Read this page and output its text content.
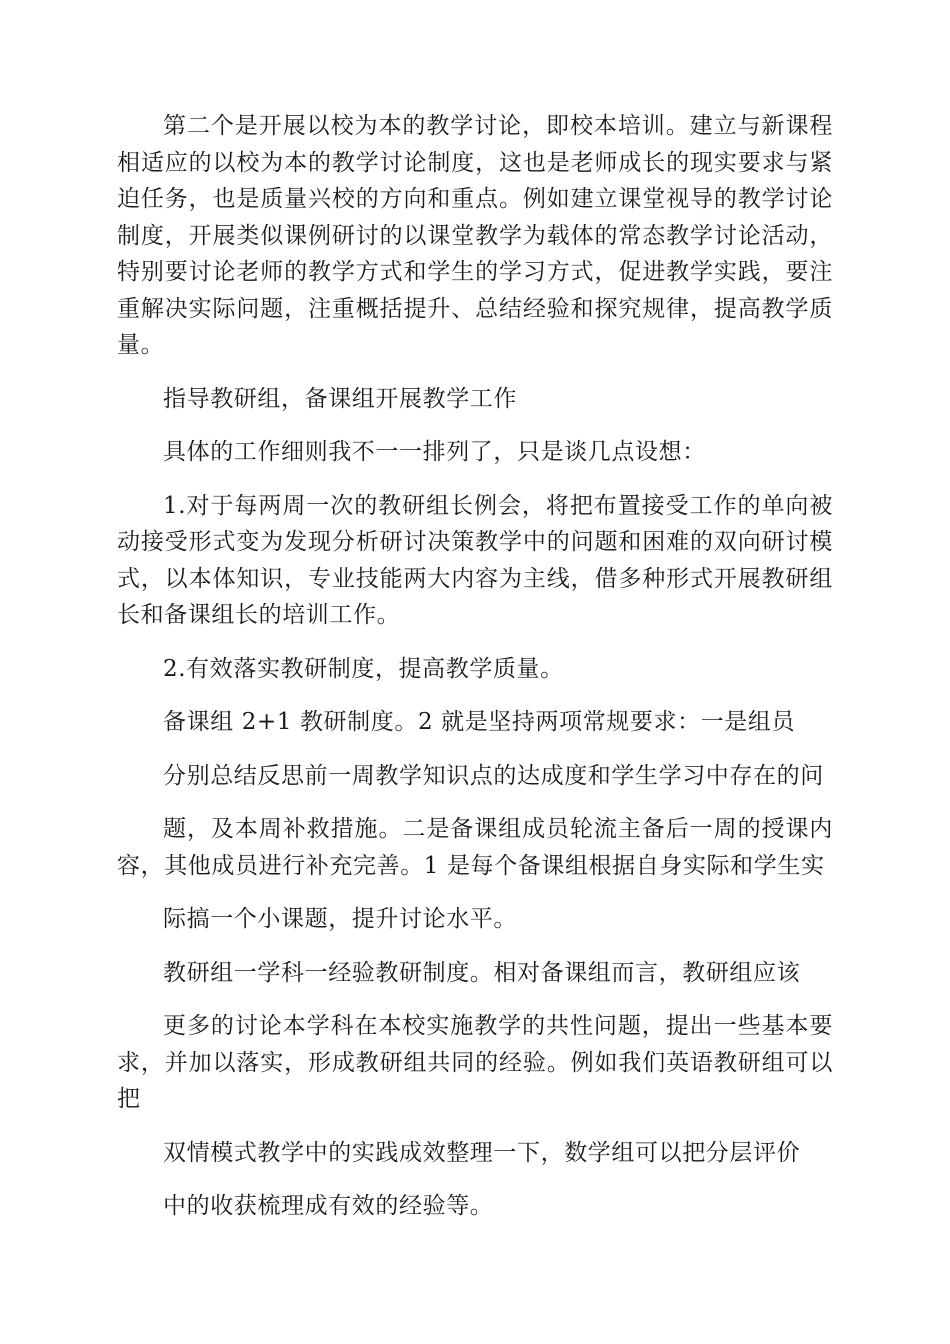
第二个是开展以校为本的教学讨论，即校本培训。建立与新课程相适应的以校为本的教学讨论制度，这也是老师成长的现实要求与紧迫任务，也是质量兴校的方向和重点。例如建立课堂视导的教学讨论制度，开展类似课例研讨的以课堂教学为载体的常态教学讨论活动，特别要讨论老师的教学方式和学生的学习方式，促进教学实践，要注重解决实际问题，注重概括提升、总结经验和探究规律，提高教学质量。

指导教研组，备课组开展教学工作

具体的工作细则我不一一排列了，只是谈几点设想：

1.对于每两周一次的教研组长例会，将把布置接受工作的单向被动接受形式变为发现分析研讨决策教学中的问题和困难的双向研讨模式，以本体知识，专业技能两大内容为主线，借多种形式开展教研组长和备课组长的培训工作。

2.有效落实教研制度，提高教学质量。

备课组 2+1 教研制度。2 就是坚持两项常规要求：一是组员

分别总结反思前一周教学知识点的达成度和学生学习中存在的问

题，及本周补救措施。二是备课组成员轮流主备后一周的授课内容，其他成员进行补充完善。1 是每个备课组根据自身实际和学生实

际搞一个小课题，提升讨论水平。

教研组一学科一经验教研制度。相对备课组而言，教研组应该

更多的讨论本学科在本校实施教学的共性问题，提出一些基本要求，并加以落实，形成教研组共同的经验。例如我们英语教研组可以把

双情模式教学中的实践成效整理一下，数学组可以把分层评价

中的收获梳理成有效的经验等。
